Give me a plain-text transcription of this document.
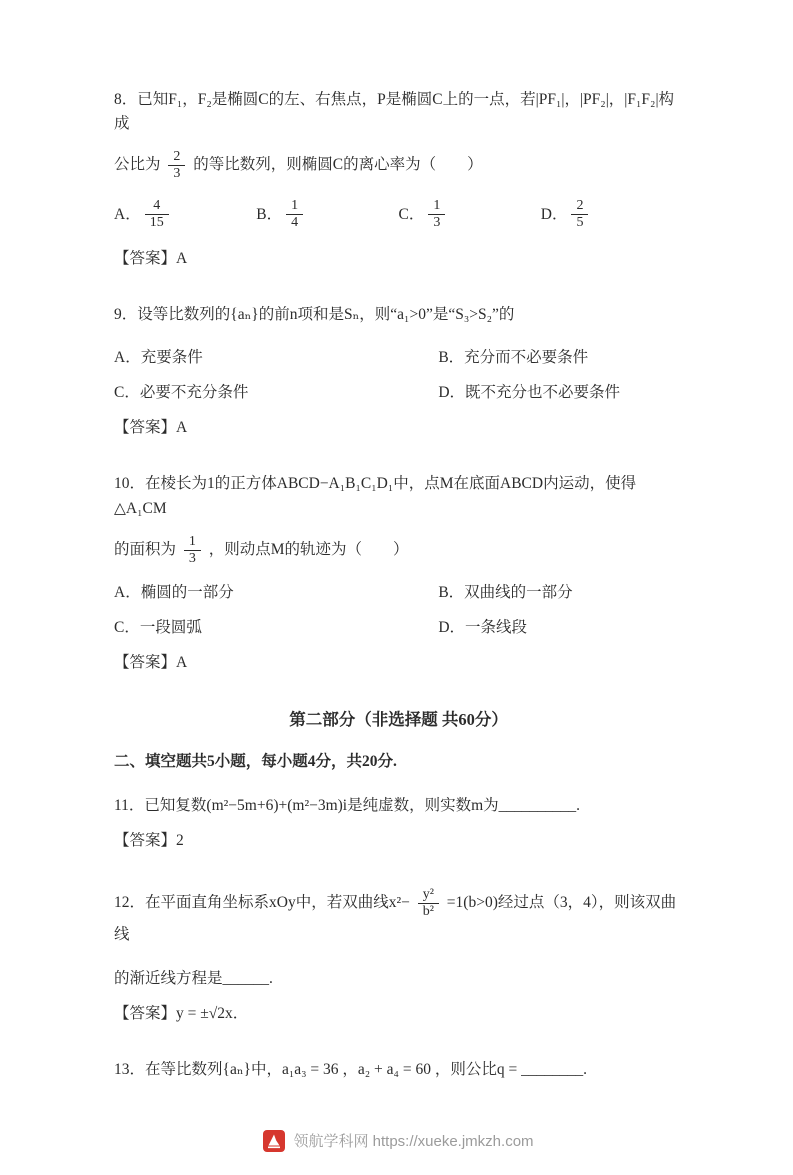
8．已知F₁，F₂是椭圆C的左、右焦点，P是椭圆C上的一点，若|PF₁|，|PF₂|，|F₁F₂|构成

公比为 $\frac{2}{3}$ 的等比数列，则椭圆C的离心率为（　　）

A． $\frac{4}{15}$	B． $\frac{1}{4}$	C． $\frac{1}{3}$	D． $\frac{2}{5}$

【答案】A

9．设等比数列的{aₙ}的前n项和是Sₙ，则“a₁>0”是“S₃>S₂”的

A．充要条件	B．充分而不必要条件
C．必要不充分条件	D．既不充分也不必要条件

【答案】A

10．在棱长为1的正方体ABCD−A₁B₁C₁D₁中，点M在底面ABCD内运动，使得△A₁CM

的面积为 $\frac{1}{3}$ ，则动点M的轨迹为（　　）

A．椭圆的一部分	B．双曲线的一部分
C．一段圆弧	D．一条线段

【答案】A

第二部分（非选择题 共60分）

二、填空题共5小题，每小题4分，共20分.

11．已知复数(m²−5m+6)+(m²−3m)i是纯虚数，则实数m为__________.

【答案】2

12．在平面直角坐标系xOy中，若双曲线$x^2- \frac{\text{y²}}{\text{b²}} =1(b>0)$经过点（3，4），则该双曲线

的渐近线方程是______.

【答案】y = ±√2x．

13．在等比数列{aₙ}中，a₁a₃ = 36 ，a₂ + a₄ = 60 ，则公比q = ________.

领航学科网 https://xueke.jmkzh.com
